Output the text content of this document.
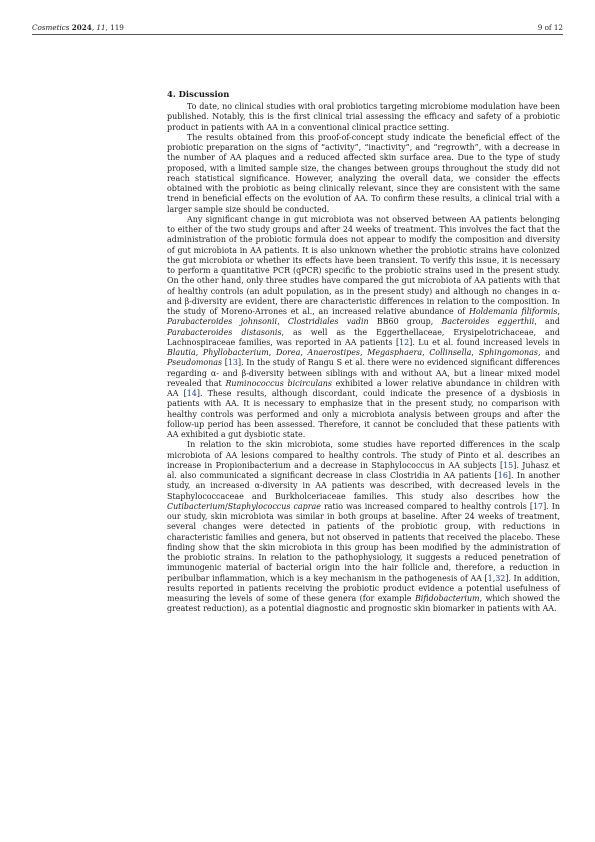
Cosmetics 2024, 11, 119	9 of 12
4. Discussion

To date, no clinical studies with oral probiotics targeting microbiome modulation have been published. Notably, this is the first clinical trial assessing the efficacy and safety of a probiotic product in patients with AA in a conventional clinical practice setting.

The results obtained from this proof-of-concept study indicate the beneficial effect of the probiotic preparation on the signs of “activity”, “inactivity”, and “regrowth”, with a decrease in the number of AA plaques and a reduced affected skin surface area. Due to the type of study proposed, with a limited sample size, the changes between groups throughout the study did not reach statistical significance. However, analyzing the overall data, we consider the effects obtained with the probiotic as being clinically relevant, since they are consistent with the same trend in beneficial effects on the evolution of AA. To confirm these results, a clinical trial with a larger sample size should be conducted.

Any significant change in gut microbiota was not observed between AA patients belonging to either of the two study groups and after 24 weeks of treatment. This involves the fact that the administration of the probiotic formula does not appear to modify the composition and diversity of gut microbiota in AA patients. It is also unknown whether the probiotic strains have colonized the gut microbiota or whether its effects have been transient. To verify this issue, it is necessary to perform a quantitative PCR (qPCR) specific to the probiotic strains used in the present study. On the other hand, only three studies have compared the gut microbiota of AA patients with that of healthy controls (an adult population, as in the present study) and although no changes in α- and β-diversity are evident, there are characteristic differences in relation to the composition. In the study of Moreno-Arrones et al., an increased relative abundance of Holdemania filiformis, Parabacteroides johnsonii, Clostridiales vadin BB60 group, Bacteroides eggerthii, and Parabacteroides distasonis, as well as the Eggerthellaceae, Erysipelotrichaceae, and Lachnospiraceae families, was reported in AA patients [12]. Lu et al. found increased levels in Blautia, Phyllobacterium, Dorea, Anaerostipes, Megasphaera, Collinsella, Sphingomonas, and Pseudomonas [13]. In the study of Rangu S et al. there were no evidenced significant differences regarding α- and β-diversity between siblings with and without AA, but a linear mixed model revealed that Ruminococcus bicirculans exhibited a lower relative abundance in children with AA [14]. These results, although discordant, could indicate the presence of a dysbiosis in patients with AA. It is necessary to emphasize that in the present study, no comparison with healthy controls was performed and only a microbiota analysis between groups and after the follow-up period has been assessed. Therefore, it cannot be concluded that these patients with AA exhibited a gut dysbiotic state.

In relation to the skin microbiota, some studies have reported differences in the scalp microbiota of AA lesions compared to healthy controls. The study of Pinto et al. describes an increase in Propionibacterium and a decrease in Staphylococcus in AA subjects [15]. Juhasz et al. also communicated a significant decrease in class Clostridia in AA patients [16]. In another study, an increased α-diversity in AA patients was described, with decreased levels in the Staphylococcaceae and Burkholceriaceae families. This study also describes how the Cutibacterium/Staphylococcus caprae ratio was increased compared to healthy controls [17]. In our study, skin microbiota was similar in both groups at baseline. After 24 weeks of treatment, several changes were detected in patients of the probiotic group, with reductions in characteristic families and genera, but not observed in patients that received the placebo. These finding show that the skin microbiota in this group has been modified by the administration of the probiotic strains. In relation to the pathophysiology, it suggests a reduced penetration of immunogenic material of bacterial origin into the hair follicle and, therefore, a reduction in peribulbar inflammation, which is a key mechanism in the pathogenesis of AA [1,32]. In addition, results reported in patients receiving the probiotic product evidence a potential usefulness of measuring the levels of some of these genera (for example Bifidobacterium, which showed the greatest reduction), as a potential diagnostic and prognostic skin biomarker in patients with AA.
